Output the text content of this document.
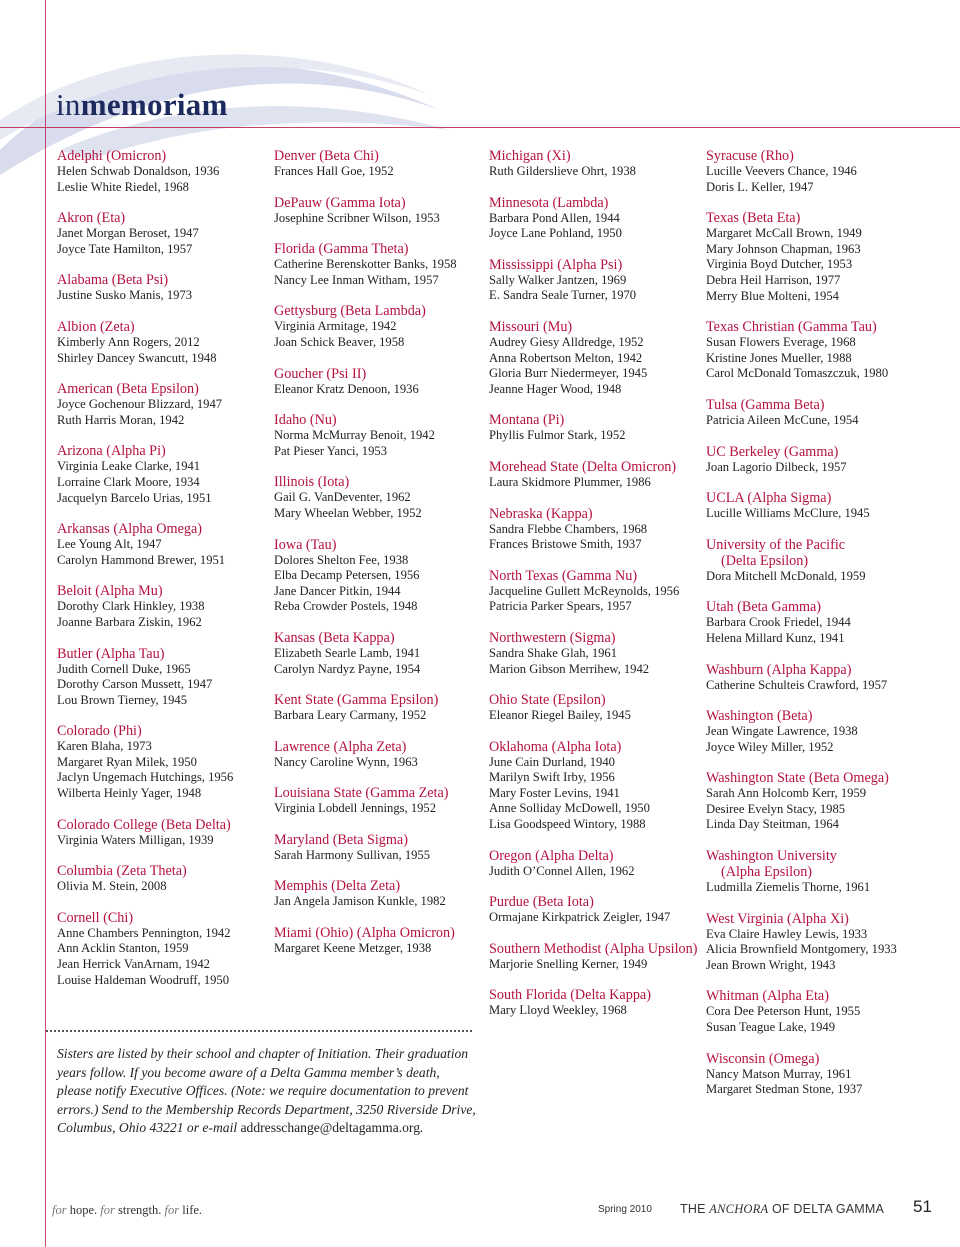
inmemoriam
Adelphi (Omicron)
Helen Schwab Donaldson, 1936
Leslie White Riedel, 1968
Akron (Eta)
Janet Morgan Beroset, 1947
Joyce Tate Hamilton, 1957
Alabama (Beta Psi)
Justine Susko Manis, 1973
Albion (Zeta)
Kimberly Ann Rogers, 2012
Shirley Dancey Swancutt, 1948
American (Beta Epsilon)
Joyce Gochenour Blizzard, 1947
Ruth Harris Moran, 1942
Arizona (Alpha Pi)
Virginia Leake Clarke, 1941
Lorraine Clark Moore, 1934
Jacquelyn Barcelo Urias, 1951
Arkansas (Alpha Omega)
Lee Young Alt, 1947
Carolyn Hammond Brewer, 1951
Beloit (Alpha Mu)
Dorothy Clark Hinkley, 1938
Joanne Barbara Ziskin, 1962
Butler (Alpha Tau)
Judith Cornell Duke, 1965
Dorothy Carson Mussett, 1947
Lou Brown Tierney, 1945
Colorado (Phi)
Karen Blaha, 1973
Margaret Ryan Milek, 1950
Jaclyn Ungemach Hutchings, 1956
Wilberta Heinly Yager, 1948
Colorado College (Beta Delta)
Virginia Waters Milligan, 1939
Columbia (Zeta Theta)
Olivia M. Stein, 2008
Cornell (Chi)
Anne Chambers Pennington, 1942
Ann Acklin Stanton, 1959
Jean Herrick VanArnam, 1942
Louise Haldeman Woodruff, 1950
Denver (Beta Chi)
Frances Hall Goe, 1952
DePauw (Gamma Iota)
Josephine Scribner Wilson, 1953
Florida (Gamma Theta)
Catherine Berenskotter Banks, 1958
Nancy Lee Inman Witham, 1957
Gettysburg (Beta Lambda)
Virginia Armitage, 1942
Joan Schick Beaver, 1958
Goucher (Psi II)
Eleanor Kratz Denoon, 1936
Idaho (Nu)
Norma McMurray Benoit, 1942
Pat Pieser Yanci, 1953
Illinois (Iota)
Gail G. VanDeventer, 1962
Mary Wheelan Webber, 1952
Iowa (Tau)
Dolores Shelton Fee, 1938
Elba Decamp Petersen, 1956
Jane Dancer Pitkin, 1944
Reba Crowder Postels, 1948
Kansas (Beta Kappa)
Elizabeth Searle Lamb, 1941
Carolyn Nardyz Payne, 1954
Kent State (Gamma Epsilon)
Barbara Leary Carmany, 1952
Lawrence (Alpha Zeta)
Nancy Caroline Wynn, 1963
Louisiana State (Gamma Zeta)
Virginia Lobdell Jennings, 1952
Maryland (Beta Sigma)
Sarah Harmony Sullivan, 1955
Memphis (Delta Zeta)
Jan Angela Jamison Kunkle, 1982
Miami (Ohio) (Alpha Omicron)
Margaret Keene Metzger, 1938
Michigan (Xi)
Ruth Gilderslieve Ohrt, 1938
Minnesota (Lambda)
Barbara Pond Allen, 1944
Joyce Lane Pohland, 1950
Mississippi (Alpha Psi)
Sally Walker Jantzen, 1969
E. Sandra Seale Turner, 1970
Missouri (Mu)
Audrey Giesy Alldredge, 1952
Anna Robertson Melton, 1942
Gloria Burr Niedermeyer, 1945
Jeanne Hager Wood, 1948
Montana (Pi)
Phyllis Fulmor Stark, 1952
Morehead State (Delta Omicron)
Laura Skidmore Plummer, 1986
Nebraska (Kappa)
Sandra Flebbe Chambers, 1968
Frances Bristowe Smith, 1937
North Texas (Gamma Nu)
Jacqueline Gullett McReynolds, 1956
Patricia Parker Spears, 1957
Northwestern (Sigma)
Sandra Shake Glah, 1961
Marion Gibson Merrihew, 1942
Ohio State (Epsilon)
Eleanor Riegel Bailey, 1945
Oklahoma (Alpha Iota)
June Cain Durland, 1940
Marilyn Swift Irby, 1956
Mary Foster Levins, 1941
Anne Solliday McDowell, 1950
Lisa Goodspeed Wintory, 1988
Oregon (Alpha Delta)
Judith O’Connel Allen, 1962
Purdue (Beta Iota)
Ormajane Kirkpatrick Zeigler, 1947
Southern Methodist (Alpha Upsilon)
Marjorie Snelling Kerner, 1949
South Florida (Delta Kappa)
Mary Lloyd Weekley, 1968
Syracuse (Rho)
Lucille Veevers Chance, 1946
Doris L. Keller, 1947
Texas (Beta Eta)
Margaret McCall Brown, 1949
Mary Johnson Chapman, 1963
Virginia Boyd Dutcher, 1953
Debra Heil Harrison, 1977
Merry Blue Molteni, 1954
Texas Christian (Gamma Tau)
Susan Flowers Everage, 1968
Kristine Jones Mueller, 1988
Carol McDonald Tomaszczuk, 1980
Tulsa (Gamma Beta)
Patricia Aileen McCune, 1954
UC Berkeley (Gamma)
Joan Lagorio Dilbeck, 1957
UCLA (Alpha Sigma)
Lucille Williams McClure, 1945
University of the Pacific
(Delta Epsilon)
Dora Mitchell McDonald, 1959
Utah (Beta Gamma)
Barbara Crook Friedel, 1944
Helena Millard Kunz, 1941
Washburn (Alpha Kappa)
Catherine Schulteis Crawford, 1957
Washington (Beta)
Jean Wingate Lawrence, 1938
Joyce Wiley Miller, 1952
Washington State (Beta Omega)
Sarah Ann Holcomb Kerr, 1959
Desiree Evelyn Stacy, 1985
Linda Day Steitman, 1964
Washington University
(Alpha Epsilon)
Ludmilla Ziemelis Thorne, 1961
West Virginia (Alpha Xi)
Eva Claire Hawley Lewis, 1933
Alicia Brownfield Montgomery, 1933
Jean Brown Wright, 1943
Whitman (Alpha Eta)
Cora Dee Peterson Hunt, 1955
Susan Teague Lake, 1949
Wisconsin (Omega)
Nancy Matson Murray, 1961
Margaret Stedman Stone, 1937
Sisters are listed by their school and chapter of Initiation. Their graduation years follow. If you become aware of a Delta Gamma member’s death, please notify Executive Offices. (Note: we require documentation to prevent errors.) Send to the Membership Records Department, 3250 Riverside Drive, Columbus, Ohio 43221 or e-mail addresschange@deltagamma.org.
for hope. for strength. for life.	Spring 2010 THE ANCHORA OF DELTA GAMMA 51
